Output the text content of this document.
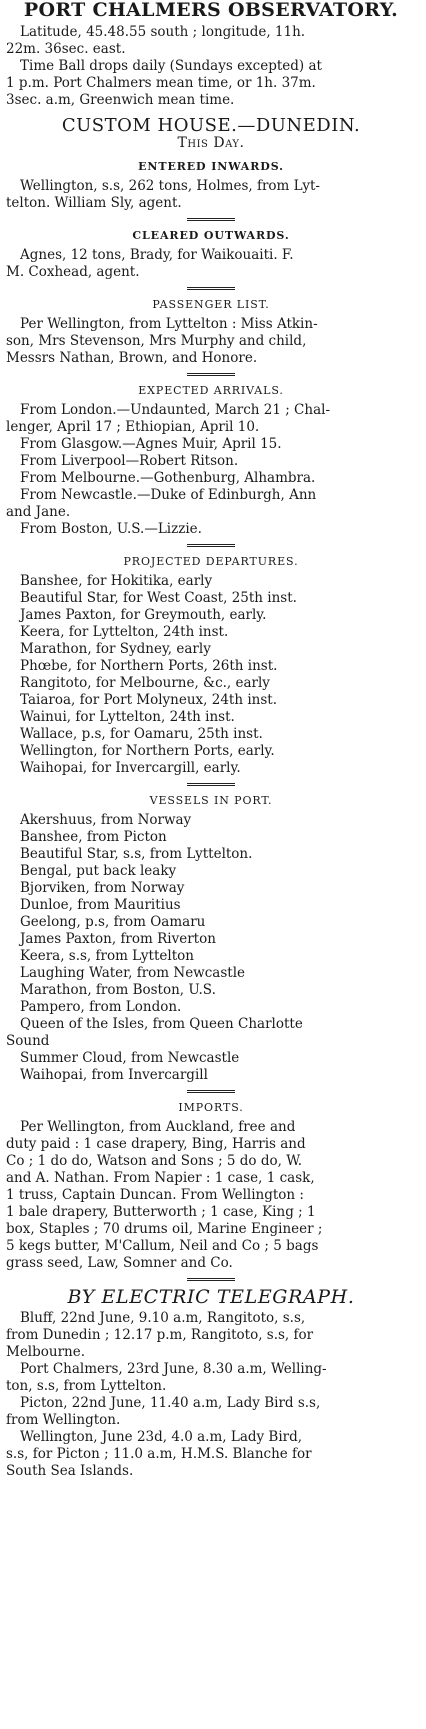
PORT CHALMERS OBSERVATORY.
Latitude, 45.48.55 south ; longitude, 11h.
22m. 36sec. east.
Time Ball drops daily (Sundays excepted) at
1 p.m. Port Chalmers mean time, or 1h. 37m.
3sec. a.m, Greenwich mean time.
CUSTOM HOUSE.—DUNEDIN.
This Day.
ENTERED INWARDS.
Wellington, s.s, 262 tons, Holmes, from Lyt-
telton. William Sly, agent.
CLEARED OUTWARDS.
Agnes, 12 tons, Brady, for Waikouaiti. F.
M. Coxhead, agent.
PASSENGER LIST.
Per Wellington, from Lyttelton : Miss Atkin-
son, Mrs Stevenson, Mrs Murphy and child,
Messrs Nathan, Brown, and Honore.
EXPECTED ARRIVALS.
From London.—Undaunted, March 21 ; Chal-
lenger, April 17 ; Ethiopian, April 10.
From Glasgow.—Agnes Muir, April 15.
From Liverpool—Robert Ritson.
From Melbourne.—Gothenburg, Alhambra.
From Newcastle.—Duke of Edinburgh, Ann
and Jane.
From Boston, U.S.—Lizzie.
PROJECTED DEPARTURES.
Banshee, for Hokitika, early
Beautiful Star, for West Coast, 25th inst.
James Paxton, for Greymouth, early.
Keera, for Lyttelton, 24th inst.
Marathon, for Sydney, early
Phœbe, for Northern Ports, 26th inst.
Rangitoto, for Melbourne, &c., early
Taiaroa, for Port Molyneux, 24th inst.
Wainui, for Lyttelton, 24th inst.
Wallace, p.s, for Oamaru, 25th inst.
Wellington, for Northern Ports, early.
Waihopai, for Invercargill, early.
VESSELS IN PORT.
Akershuus, from Norway
Banshee, from Picton
Beautiful Star, s.s, from Lyttelton.
Bengal, put back leaky
Bjorviken, from Norway
Dunloe, from Mauritius
Geelong, p.s, from Oamaru
James Paxton, from Riverton
Keera, s.s, from Lyttelton
Laughing Water, from Newcastle
Marathon, from Boston, U.S.
Pampero, from London.
Queen of the Isles, from Queen Charlotte
Sound
Summer Cloud, from Newcastle
Waihopai, from Invercargill
IMPORTS.
Per Wellington, from Auckland, free and
duty paid : 1 case drapery, Bing, Harris and
Co ; 1 do do, Watson and Sons ; 5 do do, W.
and A. Nathan. From Napier : 1 case, 1 cask,
1 truss, Captain Duncan. From Wellington :
1 bale drapery, Butterworth ; 1 case, King ; 1
box, Staples ; 70 drums oil, Marine Engineer ;
5 kegs butter, M'Callum, Neil and Co ; 5 bags
grass seed, Law, Somner and Co.
BY ELECTRIC TELEGRAPH.
Bluff, 22nd June, 9.10 a.m, Rangitoto, s.s,
from Dunedin ; 12.17 p.m, Rangitoto, s.s, for
Melbourne.
Port Chalmers, 23rd June, 8.30 a.m, Welling-
ton, s.s, from Lyttelton.
Picton, 22nd June, 11.40 a.m, Lady Bird s.s,
from Wellington.
Wellington, June 23d, 4.0 a.m, Lady Bird,
s.s, for Picton ; 11.0 a.m, H.M.S. Blanche for
South Sea Islands.
